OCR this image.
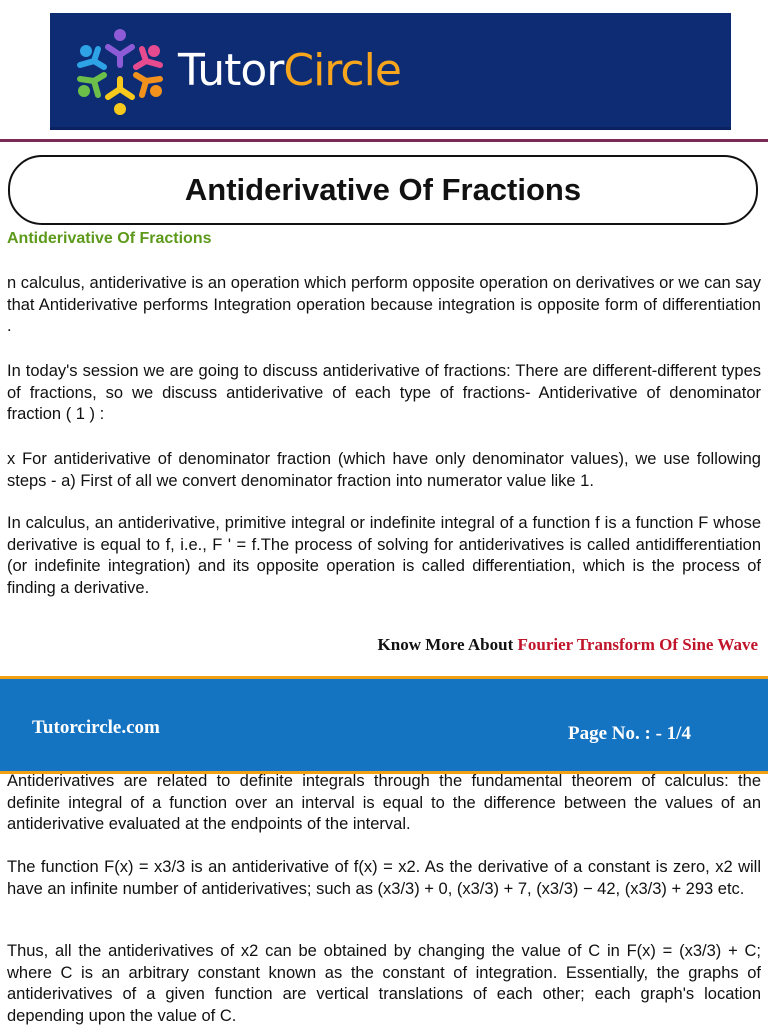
TutorCircle
Antiderivative Of Fractions
Antiderivative Of Fractions

n calculus, antiderivative is an operation which perform opposite operation on derivatives or we can say that Antiderivative performs Integration operation because integration is opposite form of differentiation .

In today's session we are going to discuss antiderivative of fractions: There are different-different types of fractions, so we discuss antiderivative of each type of fractions- Antiderivative of denominator fraction ( 1 ) :

x For antiderivative of denominator fraction (which have only denominator values), we use following steps - a) First of all we convert denominator fraction into numerator value like 1.

In calculus, an antiderivative, primitive integral or indefinite integral of a function f is a function F whose derivative is equal to f, i.e., F ' = f.The process of solving for antiderivatives is called antidifferentiation (or indefinite integration) and its opposite operation is called differentiation, which is the process of finding a derivative.

Know More About Fourier Transform Of Sine Wave
Tutorcircle.com	Page No. : - 1/4

Antiderivatives are related to definite integrals through the fundamental theorem of calculus: the definite integral of a function over an interval is equal to the difference between the values of an antiderivative evaluated at the endpoints of the interval.

The function F(x) = x3/3 is an antiderivative of f(x) = x2. As the derivative of a constant is zero, x2 will have an infinite number of antiderivatives; such as (x3/3) + 0, (x3/3) + 7, (x3/3) − 42, (x3/3) + 293 etc.

Thus, all the antiderivatives of x2 can be obtained by changing the value of C in F(x) = (x3/3) + C; where C is an arbitrary constant known as the constant of integration. Essentially, the graphs of antiderivatives of a given function are vertical translations of each other; each graph's location depending upon the value of C.
